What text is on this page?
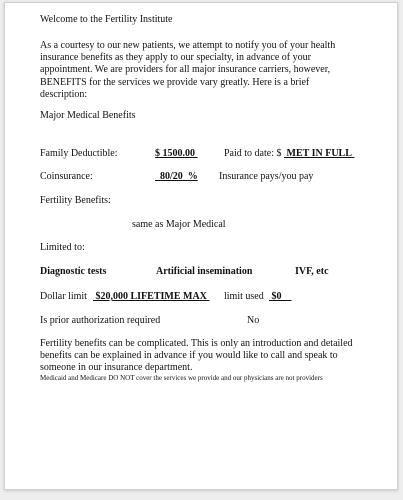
Welcome to the Fertility Institute
As a courtesy to our new patients, we attempt to notify you of your health insurance benefits as they apply to our specialty, in advance of your appointment. We are providers for all major insurance carriers, however, BENEFITS for the services we provide vary greatly. Here is a brief description:
Major Medical Benefits
Family Deductible:	$ 1500.00	Paid to date: $ MET IN FULL
Coinsurance:	80/20 % Insurance pays/you pay
Fertility Benefits:
same as Major Medical
Limited to:
Diagnostic tests	Artificial insemination	IVF, etc
Dollar limit $20,000 LIFETIME MAX limit used $0
Is prior authorization required	No
Fertility benefits can be complicated. This is only an introduction and detailed benefits can be explained in advance if you would like to call and speak to someone in our insurance department.
Medicaid and Medicare DO NOT cover the services we provide and our physicians are not providers
